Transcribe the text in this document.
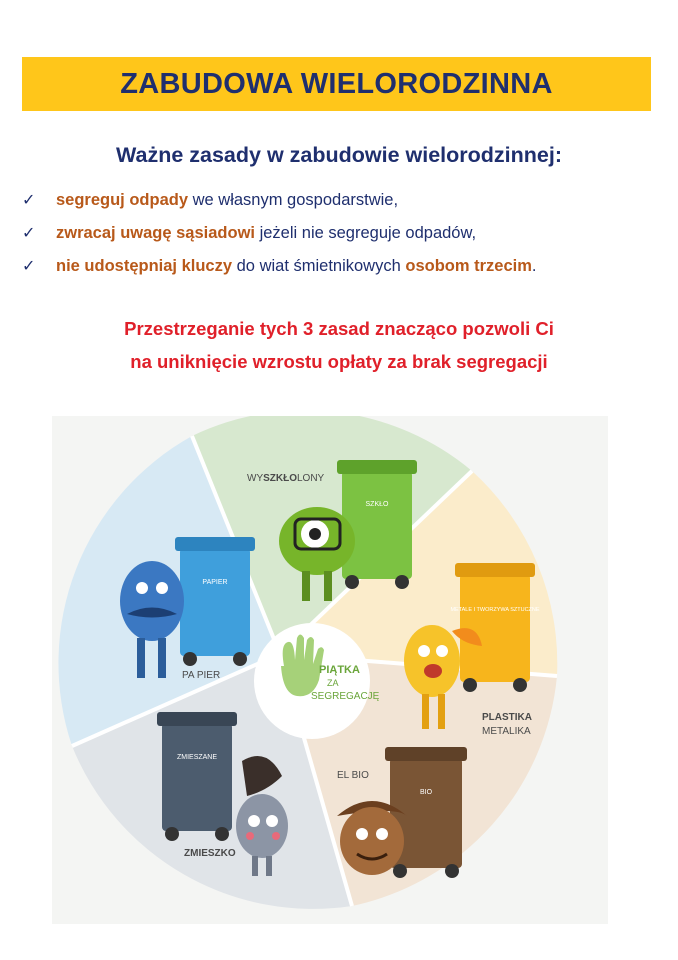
ZABUDOWA WIELORODZINNA
Ważne zasady w zabudowie wielorodzinnej:
✓	segreguj odpady we własnym gospodarstwie,
✓	zwracaj uwagę sąsiadowi jeżeli nie segreguje odpadów,
✓	nie udostępniaj kluczy do wiat śmietnikowych osobom trzecim.
Przestrzeganie tych 3 zasad znacząco pozwoli Ci
na uniknięcie wzrostu opłaty za brak segregacji
SZKŁO
WYSZKŁOLONY
PAPIER
PA PIER
METALE I TWORZYWA SZTUCZNE
PLASTIKA
METALIKA
BIO
EL BIO
ZMIESZANE
ZMIESZKO
PIĄTKA
ZA
SEGREGACJĘ
